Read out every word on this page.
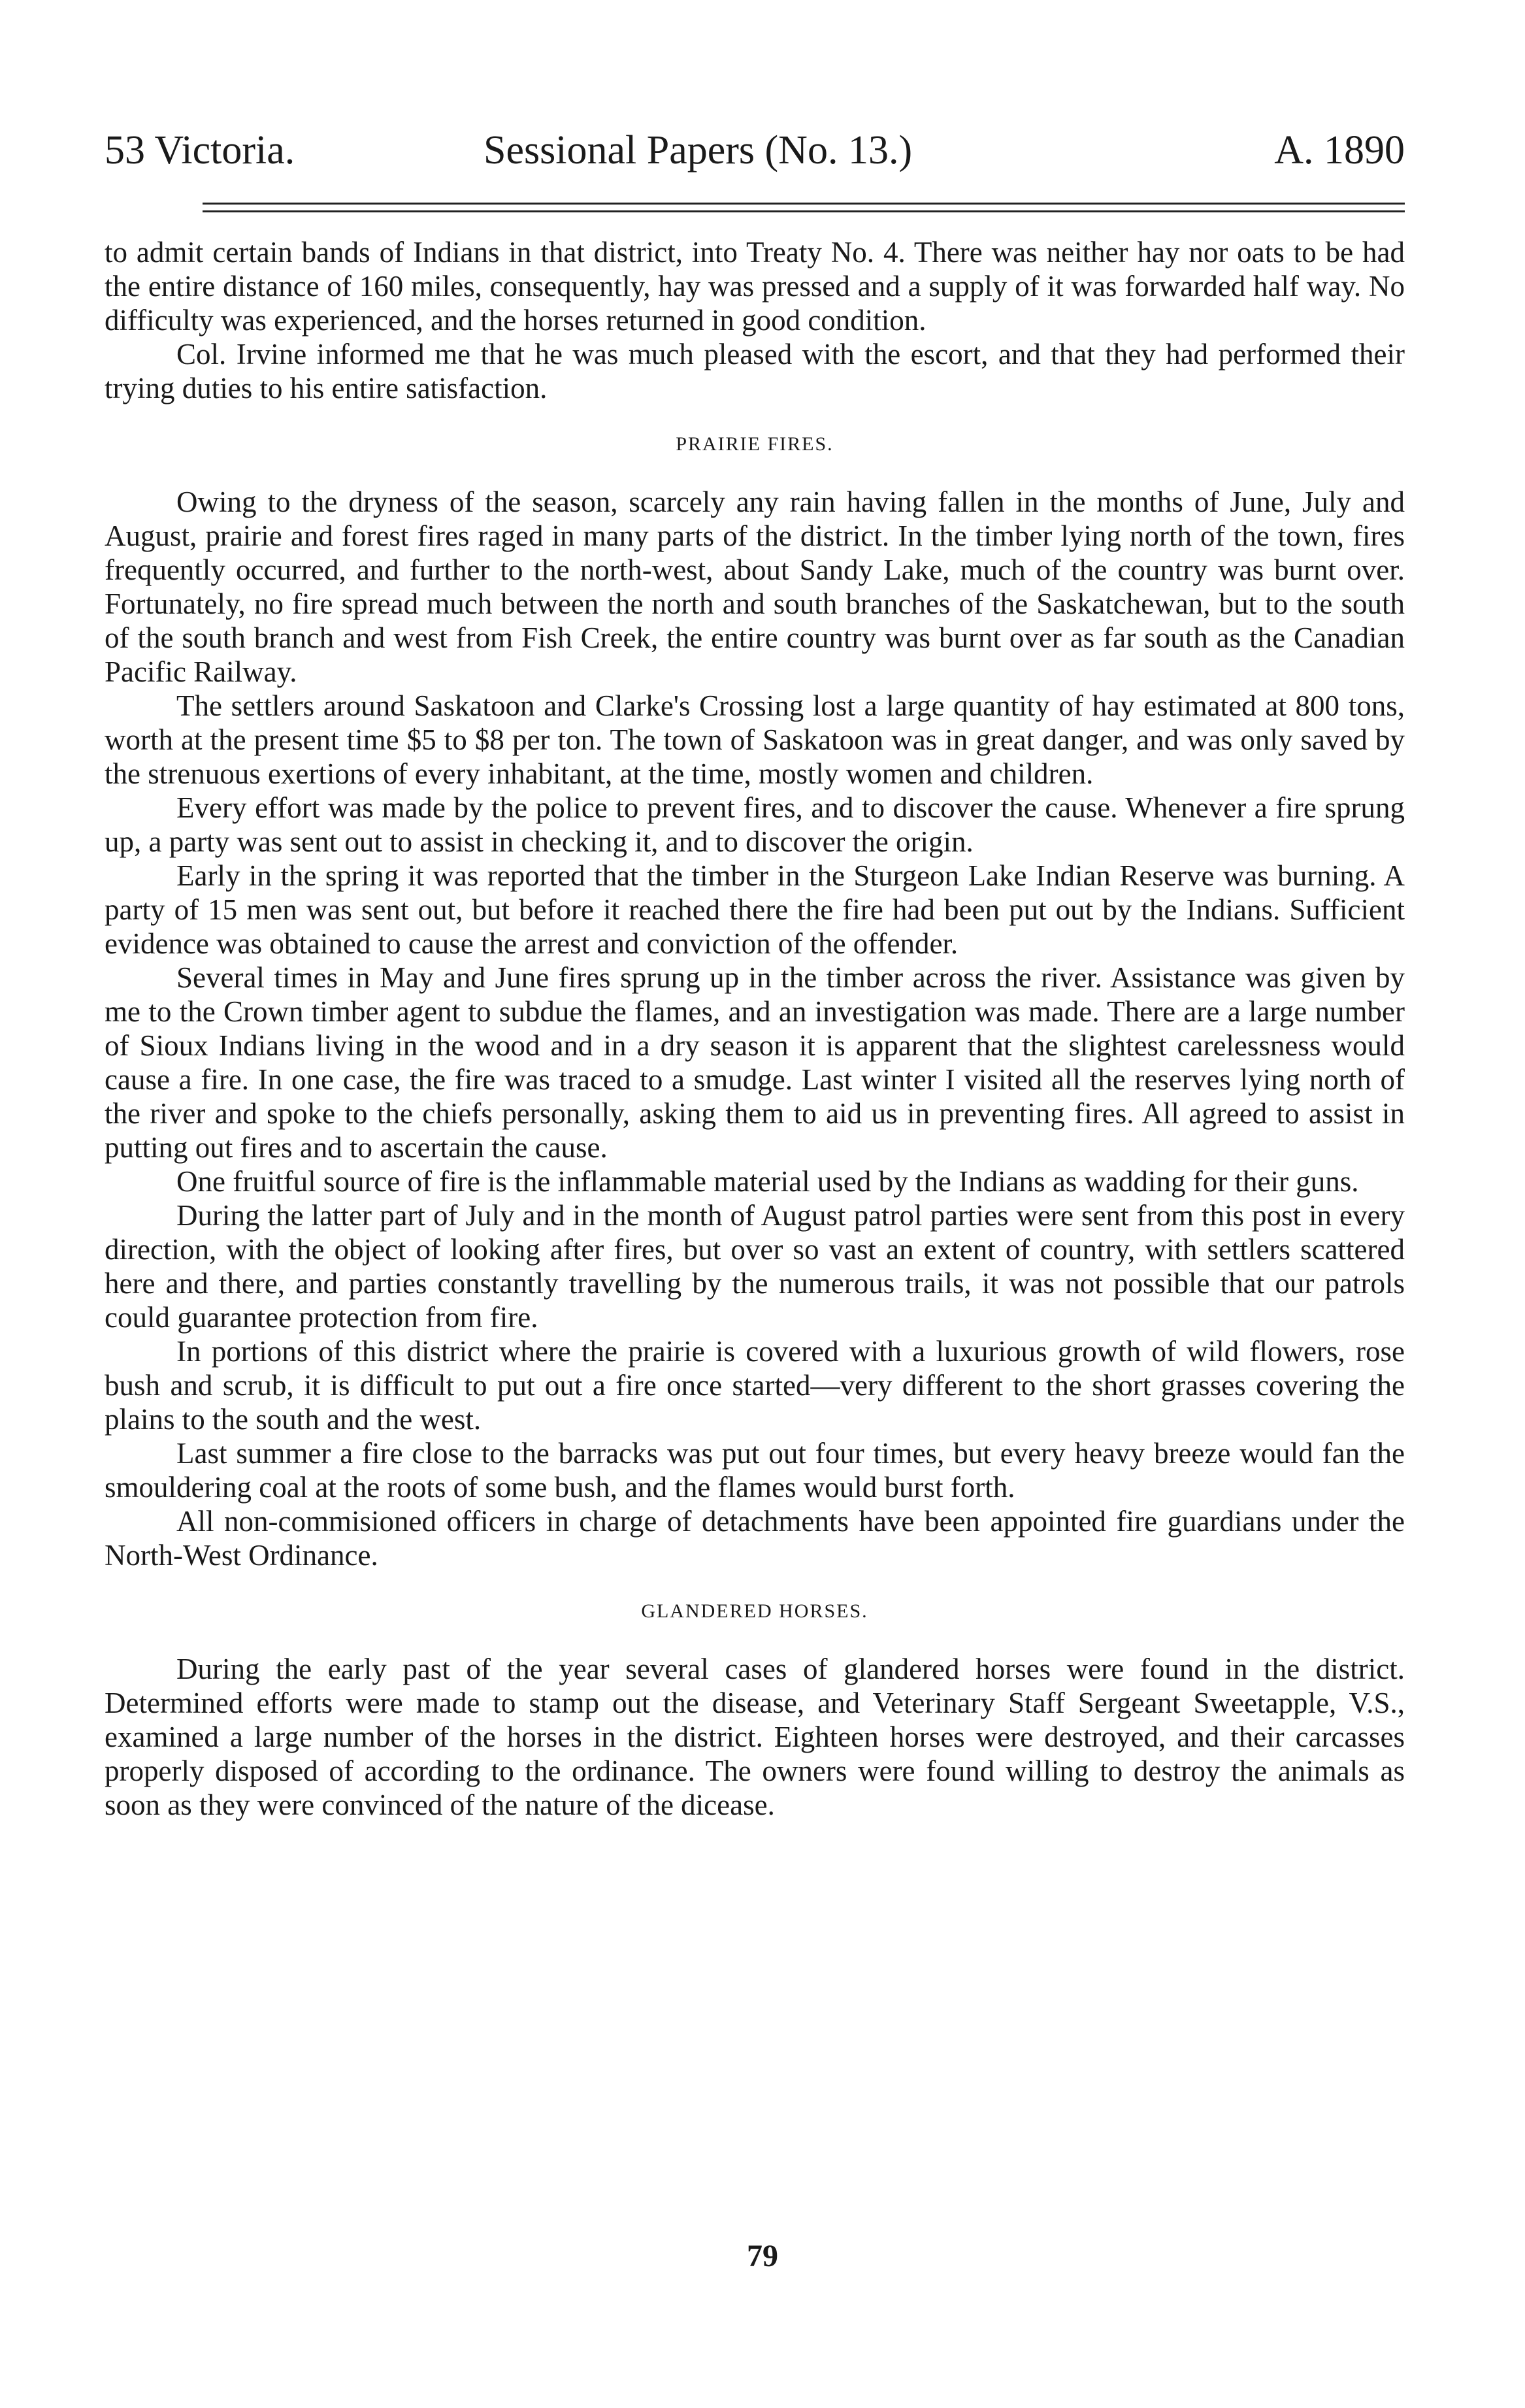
53 Victoria.	Sessional Papers (No. 13.)	A. 1890

to admit certain bands of Indians in that district, into Treaty No. 4. There was neither hay nor oats to be had the entire distance of 160 miles, consequently, hay was pressed and a supply of it was forwarded half way. No difficulty was experienced, and the horses returned in good condition.

Col. Irvine informed me that he was much pleased with the escort, and that they had performed their trying duties to his entire satisfaction.

PRAIRIE FIRES.

Owing to the dryness of the season, scarcely any rain having fallen in the months of June, July and August, prairie and forest fires raged in many parts of the district. In the timber lying north of the town, fires frequently occurred, and further to the north-west, about Sandy Lake, much of the country was burnt over. Fortunately, no fire spread much between the north and south branches of the Saskatchewan, but to the south of the south branch and west from Fish Creek, the entire country was burnt over as far south as the Canadian Pacific Railway.

The settlers around Saskatoon and Clarke's Crossing lost a large quantity of hay estimated at 800 tons, worth at the present time $5 to $8 per ton. The town of Saskatoon was in great danger, and was only saved by the strenuous exertions of every inhabitant, at the time, mostly women and children.

Every effort was made by the police to prevent fires, and to discover the cause. Whenever a fire sprung up, a party was sent out to assist in checking it, and to discover the origin.

Early in the spring it was reported that the timber in the Sturgeon Lake Indian Reserve was burning. A party of 15 men was sent out, but before it reached there the fire had been put out by the Indians. Sufficient evidence was obtained to cause the arrest and conviction of the offender.

Several times in May and June fires sprung up in the timber across the river. Assistance was given by me to the Crown timber agent to subdue the flames, and an investigation was made. There are a large number of Sioux Indians living in the wood and in a dry season it is apparent that the slightest carelessness would cause a fire. In one case, the fire was traced to a smudge. Last winter I visited all the reserves lying north of the river and spoke to the chiefs personally, asking them to aid us in preventing fires. All agreed to assist in putting out fires and to ascertain the cause.

One fruitful source of fire is the inflammable material used by the Indians as wadding for their guns.

During the latter part of July and in the month of August patrol parties were sent from this post in every direction, with the object of looking after fires, but over so vast an extent of country, with settlers scattered here and there, and parties constantly travelling by the numerous trails, it was not possible that our patrols could guarantee protection from fire.

In portions of this district where the prairie is covered with a luxurious growth of wild flowers, rose bush and scrub, it is difficult to put out a fire once started—very different to the short grasses covering the plains to the south and the west.

Last summer a fire close to the barracks was put out four times, but every heavy breeze would fan the smouldering coal at the roots of some bush, and the flames would burst forth.

All non-commisioned officers in charge of detachments have been appointed fire guardians under the North-West Ordinance.

GLANDERED HORSES.

During the early past of the year several cases of glandered horses were found in the district. Determined efforts were made to stamp out the disease, and Veterinary Staff Sergeant Sweetapple, V.S., examined a large number of the horses in the district. Eighteen horses were destroyed, and their carcasses properly disposed of according to the ordinance. The owners were found willing to destroy the animals as soon as they were convinced of the nature of the dicease.

79
